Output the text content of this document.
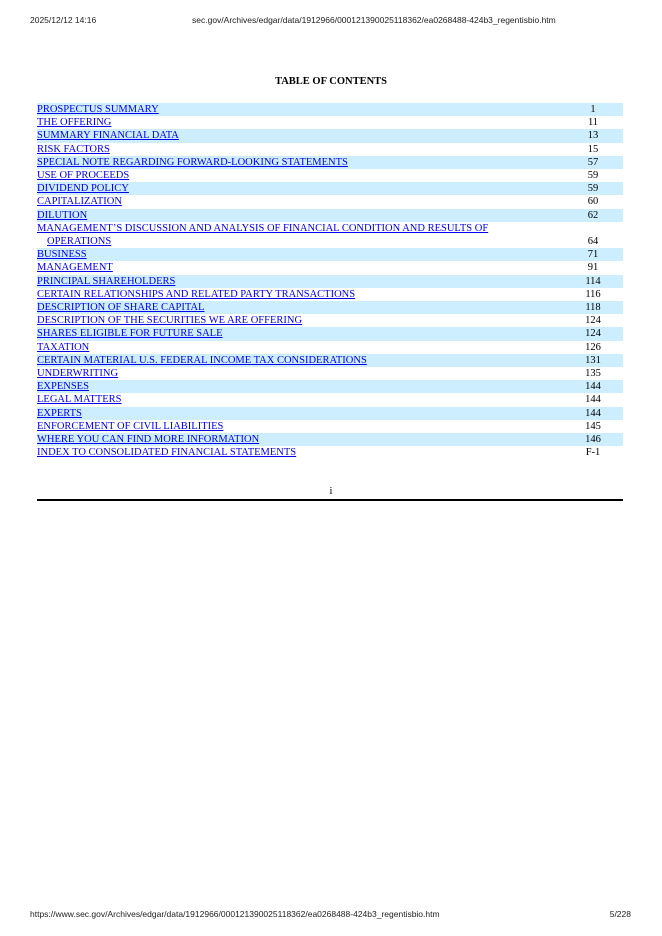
2025/12/12 14:16	sec.gov/Archives/edgar/data/1912966/000121390025118362/ea0268488-424b3_regentisbio.htm
TABLE OF CONTENTS
PROSPECTUS SUMMARY	1
THE OFFERING	11
SUMMARY FINANCIAL DATA	13
RISK FACTORS	15
SPECIAL NOTE REGARDING FORWARD-LOOKING STATEMENTS	57
USE OF PROCEEDS	59
DIVIDEND POLICY	59
CAPITALIZATION	60
DILUTION	62
MANAGEMENT’S DISCUSSION AND ANALYSIS OF FINANCIAL CONDITION AND RESULTS OF
OPERATIONS	64
BUSINESS	71
MANAGEMENT	91
PRINCIPAL SHAREHOLDERS	114
CERTAIN RELATIONSHIPS AND RELATED PARTY TRANSACTIONS	116
DESCRIPTION OF SHARE CAPITAL	118
DESCRIPTION OF THE SECURITIES WE ARE OFFERING	124
SHARES ELIGIBLE FOR FUTURE SALE	124
TAXATION	126
CERTAIN MATERIAL U.S. FEDERAL INCOME TAX CONSIDERATIONS	131
UNDERWRITING	135
EXPENSES	144
LEGAL MATTERS	144
EXPERTS	144
ENFORCEMENT OF CIVIL LIABILITIES	145
WHERE YOU CAN FIND MORE INFORMATION	146
INDEX TO CONSOLIDATED FINANCIAL STATEMENTS	F-1
i
https://www.sec.gov/Archives/edgar/data/1912966/000121390025118362/ea0268488-424b3_regentisbio.htm	5/228
